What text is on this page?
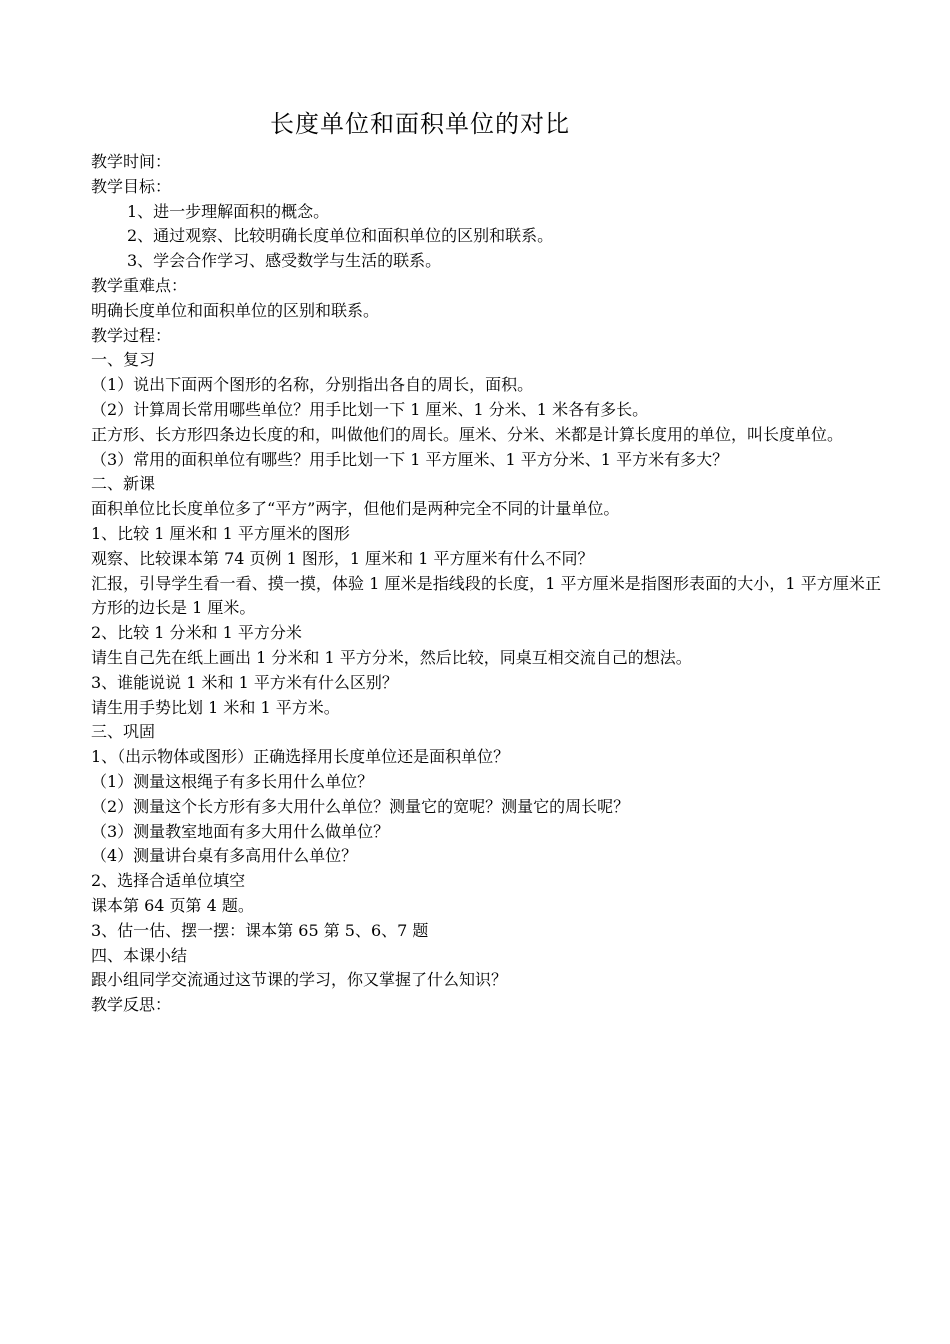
长度单位和面积单位的对比
教学时间：
教学目标：
1、进一步理解面积的概念。
2、通过观察、比较明确长度单位和面积单位的区别和联系。
3、学会合作学习、感受数学与生活的联系。
教学重难点：
明确长度单位和面积单位的区别和联系。
教学过程：
一、复习
（1）说出下面两个图形的名称，分别指出各自的周长，面积。
（2）计算周长常用哪些单位？用手比划一下 1 厘米、1 分米、1 米各有多长。
正方形、长方形四条边长度的和，叫做他们的周长。厘米、分米、米都是计算长度用的单位，叫长度单位。
（3）常用的面积单位有哪些？用手比划一下 1 平方厘米、1 平方分米、1 平方米有多大？
二、新课
面积单位比长度单位多了“平方”两字，但他们是两种完全不同的计量单位。
1、比较 1 厘米和 1 平方厘米的图形
观察、比较课本第 74 页例 1 图形，1 厘米和 1 平方厘米有什么不同？
汇报，引导学生看一看、摸一摸，体验 1 厘米是指线段的长度，1 平方厘米是指图形表面的大小，1 平方厘米正方形的边长是 1 厘米。
2、比较 1 分米和 1 平方分米
请生自己先在纸上画出 1 分米和 1 平方分米，然后比较，同桌互相交流自己的想法。
3、谁能说说 1 米和 1 平方米有什么区别？
请生用手势比划 1 米和 1 平方米。
三、巩固
1、（出示物体或图形）正确选择用长度单位还是面积单位？
（1）测量这根绳子有多长用什么单位？
（2）测量这个长方形有多大用什么单位？测量它的宽呢？测量它的周长呢？
（3）测量教室地面有多大用什么做单位？
（4）测量讲台桌有多高用什么单位？
2、选择合适单位填空
课本第 64 页第 4 题。
3、估一估、摆一摆：课本第 65 第 5、6、7 题
四、本课小结
跟小组同学交流通过这节课的学习，你又掌握了什么知识？
教学反思：
